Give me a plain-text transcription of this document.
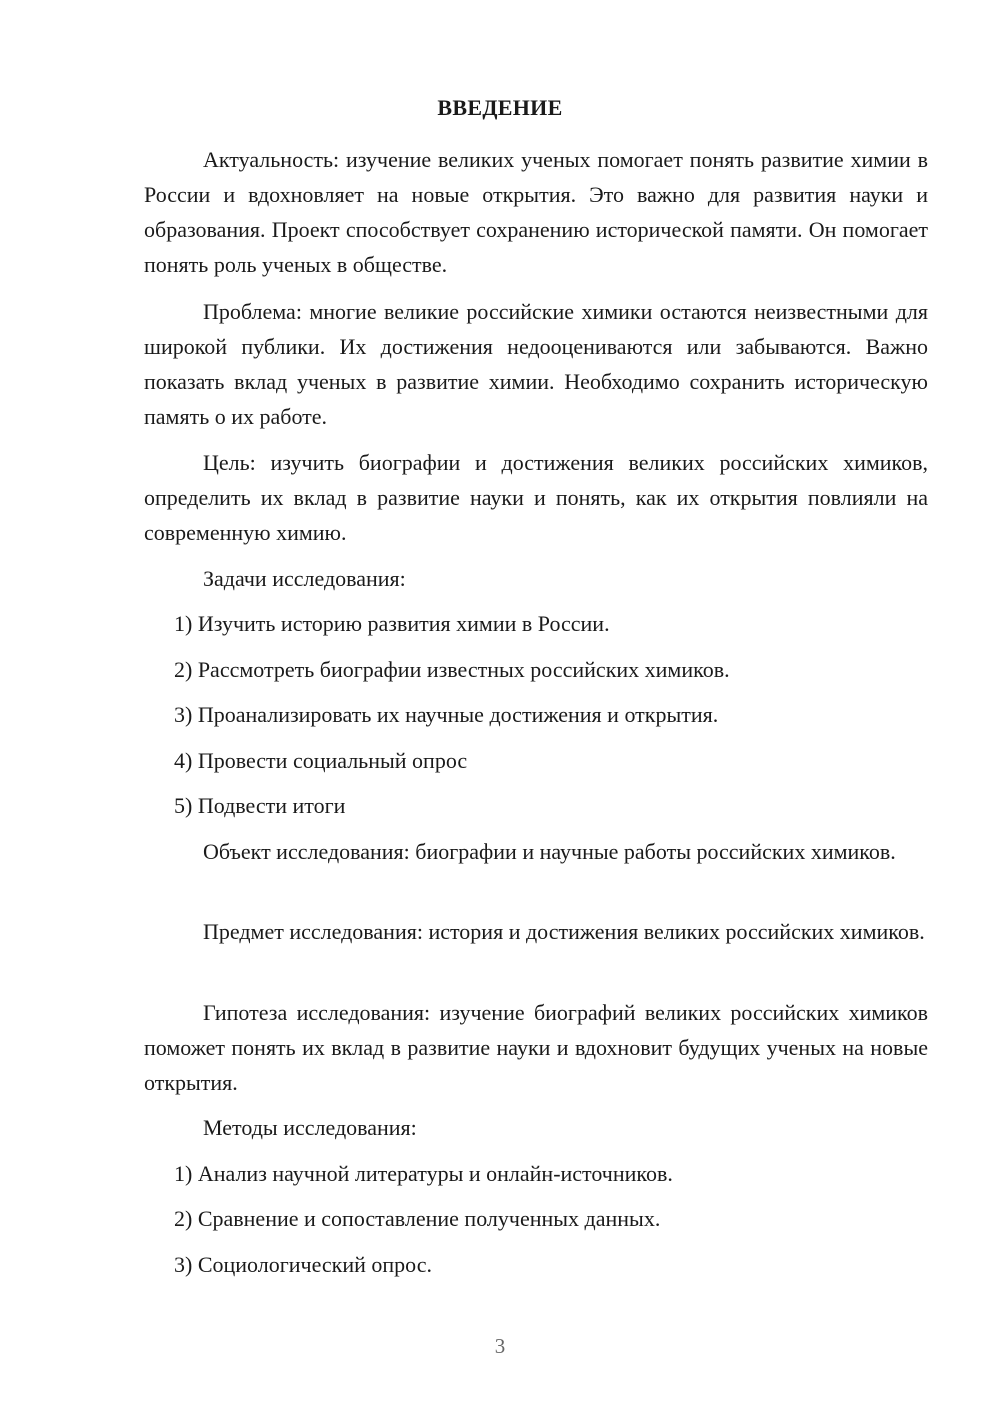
ВВЕДЕНИЕ

Актуальность: изучение великих ученых помогает понять развитие химии в России и вдохновляет на новые открытия. Это важно для развития науки и образования. Проект способствует сохранению исторической памяти. Он помогает понять роль ученых в обществе.

Проблема: многие великие российские химики остаются неизвестными для широкой публики. Их достижения недооцениваются или забываются. Важно показать вклад ученых в развитие химии. Необходимо сохранить историческую память о их работе.

Цель: изучить биографии и достижения великих российских химиков, определить их вклад в развитие науки и понять, как их открытия повлияли на современную химию.

Задачи исследования:

1) Изучить историю развития химии в России.

2) Рассмотреть биографии известных российских химиков.

3) Проанализировать их научные достижения и открытия.

4) Провести социальный опрос

5) Подвести итоги

Объект исследования: биографии и научные работы российских химиков.

Предмет исследования: история и достижения великих российских химиков.

Гипотеза исследования: изучение биографий великих российских химиков поможет понять их вклад в развитие науки и вдохновит будущих ученых на новые открытия.

Методы исследования:

1) Анализ научной литературы и онлайн-источников.

2) Сравнение и сопоставление полученных данных.

3) Социологический опрос.

3
